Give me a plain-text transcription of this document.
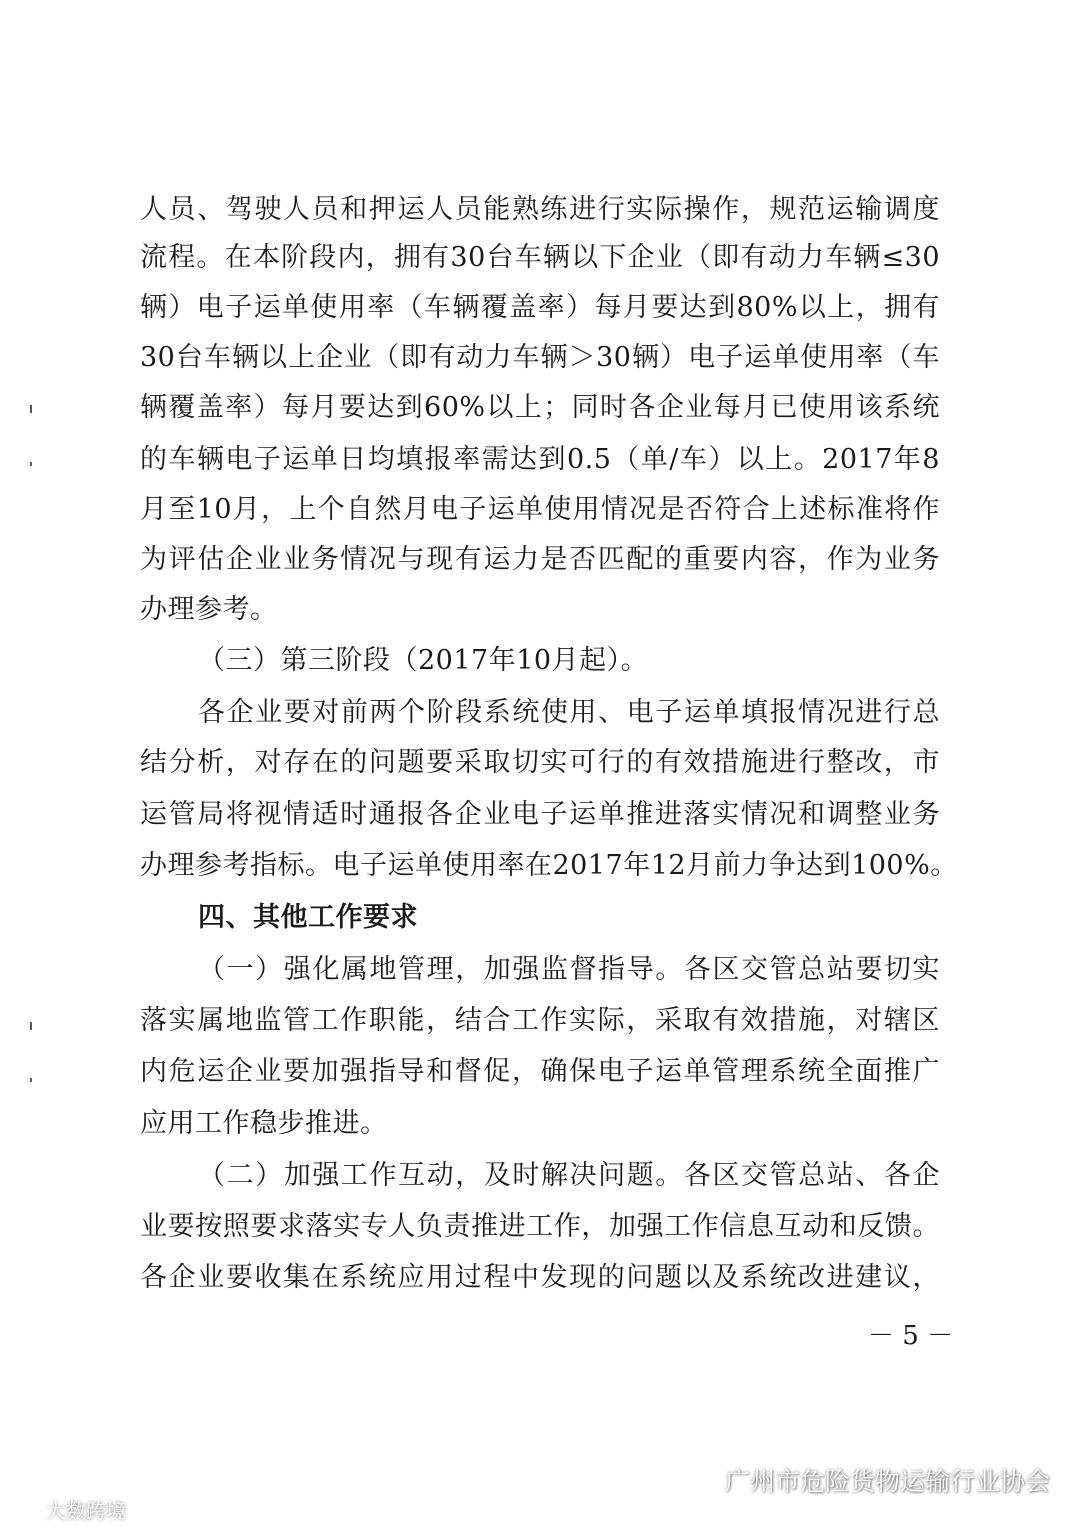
人员、驾驶人员和押运人员能熟练进行实际操作，规范运输调度
流程。在本阶段内，拥有30台车辆以下企业（即有动力车辆≤30
辆）电子运单使用率（车辆覆盖率）每月要达到80%以上，拥有
30台车辆以上企业（即有动力车辆＞30辆）电子运单使用率（车
辆覆盖率）每月要达到60%以上；同时各企业每月已使用该系统
的车辆电子运单日均填报率需达到0.5（单/车）以上。2017年8
月至10月，上个自然月电子运单使用情况是否符合上述标准将作
为评估企业业务情况与现有运力是否匹配的重要内容，作为业务
办理参考。
（三）第三阶段（2017年10月起）。
各企业要对前两个阶段系统使用、电子运单填报情况进行总
结分析，对存在的问题要采取切实可行的有效措施进行整改，市
运管局将视情适时通报各企业电子运单推进落实情况和调整业务
办理参考指标。电子运单使用率在2017年12月前力争达到100%。
四、其他工作要求
（一）强化属地管理，加强监督指导。各区交管总站要切实
落实属地监管工作职能，结合工作实际，采取有效措施，对辖区
内危运企业要加强指导和督促，确保电子运单管理系统全面推广
应用工作稳步推进。
（二）加强工作互动，及时解决问题。各区交管总站、各企
业要按照要求落实专人负责推进工作，加强工作信息互动和反馈。
各企业要收集在系统应用过程中发现的问题以及系统改进建议，
－ 5 －
广州市危险货物运输行业协会
大数跨境
